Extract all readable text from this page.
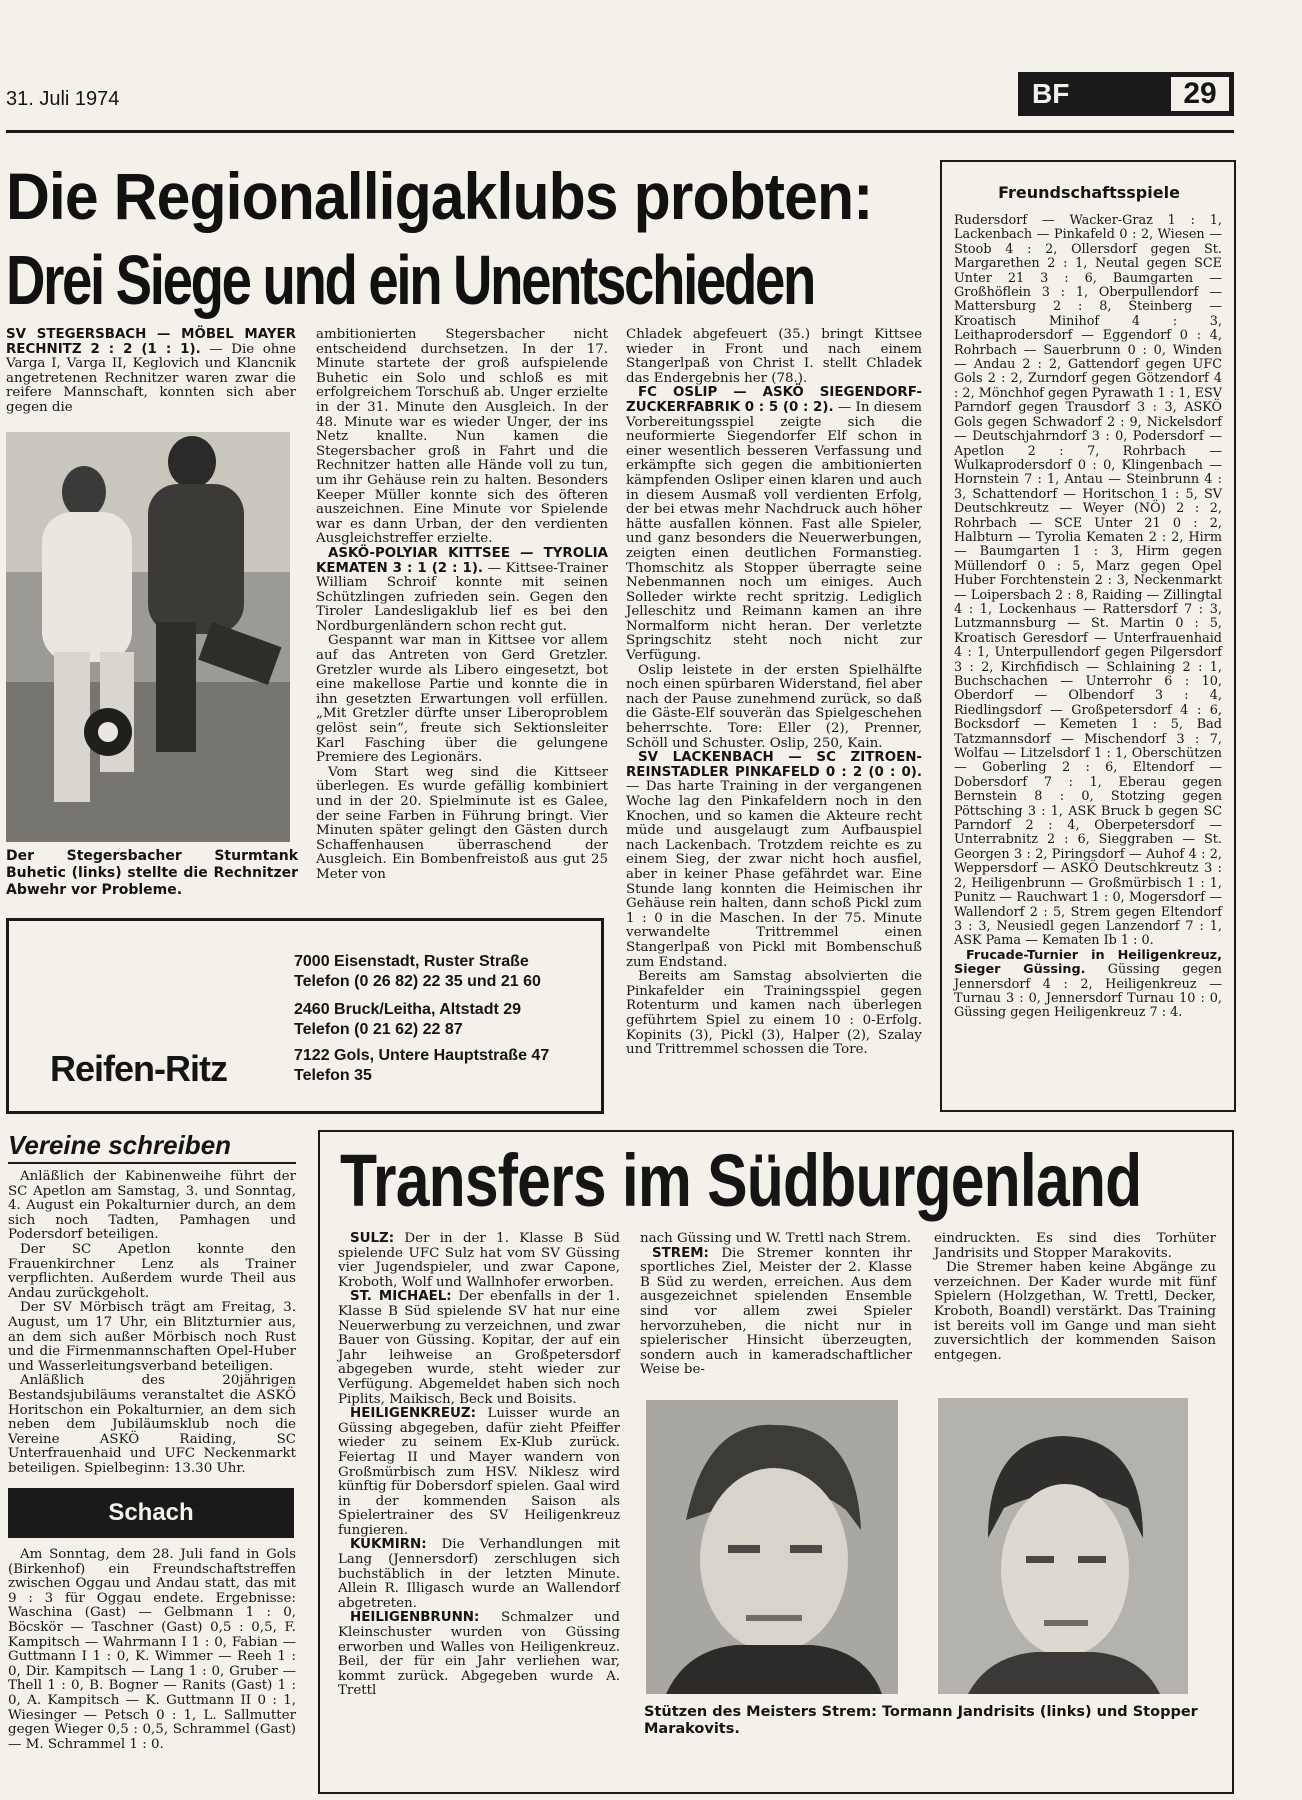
31. Juli 1974	BF	29
Die Regionalligaklubs probten:
Drei Siege und ein Unentschieden

SV STEGERSBACH — MÖBEL MAYER RECHNITZ 2 : 2 (1 : 1). — Die ohne Varga I, Varga II, Keglovich und Klancnik angetretenen Rechnitzer waren zwar die reifere Mannschaft, konnten sich aber gegen die

Der Stegersbacher Sturmtank Buhetic (links) stellte die Rechnitzer Abwehr vor Probleme.

ambitionierten Stegersbacher nicht entscheidend durchsetzen. In der 17. Minute startete der groß aufspielende Buhetic ein Solo und schloß es mit erfolgreichem Torschuß ab. Unger erzielte in der 31. Minute den Ausgleich. In der 48. Minute war es wieder Unger, der ins Netz knallte. Nun kamen die Stegersbacher groß in Fahrt und die Rechnitzer hatten alle Hände voll zu tun, um ihr Gehäuse rein zu halten. Besonders Keeper Müller konnte sich des öfteren auszeichnen. Eine Minute vor Spielende war es dann Urban, der den verdienten Ausgleichstreffer erzielte.

ASKÖ-POLYIAR KITTSEE — TYROLIA KEMATEN 3 : 1 (2 : 1). — Kittsee-Trainer William Schroif konnte mit seinen Schützlingen zufrieden sein. Gegen den Tiroler Landesligaklub lief es bei den Nordburgenländern schon recht gut.

Gespannt war man in Kittsee vor allem auf das Antreten von Gerd Gretzler. Gretzler wurde als Libero eingesetzt, bot eine makellose Partie und konnte die in ihn gesetzten Erwartungen voll erfüllen. „Mit Gretzler dürfte unser Liberoproblem gelöst sein“, freute sich Sektionsleiter Karl Fasching über die gelungene Premiere des Legionärs.

Vom Start weg sind die Kittseer überlegen. Es wurde gefällig kombiniert und in der 20. Spielminute ist es Galee, der seine Farben in Führung bringt. Vier Minuten später gelingt den Gästen durch Schaffenhausen überraschend der Ausgleich. Ein Bombenfreistoß aus gut 25 Meter von

Chladek abgefeuert (35.) bringt Kittsee wieder in Front und nach einem Stangerlpaß von Christ I. stellt Chladek das Endergebnis her (78.).

FC OSLIP — ASKÖ SIEGENDORF-ZUCKERFABRIK 0 : 5 (0 : 2). — In diesem Vorbereitungsspiel zeigte sich die neuformierte Siegendorfer Elf schon in einer wesentlich besseren Verfassung und erkämpfte sich gegen die ambitionierten kämpfenden Osliper einen klaren und auch in diesem Ausmaß voll verdienten Erfolg, der bei etwas mehr Nachdruck auch höher hätte ausfallen können. Fast alle Spieler, und ganz besonders die Neuerwerbungen, zeigten einen deutlichen Formanstieg. Thomschitz als Stopper überragte seine Nebenmannen noch um einiges. Auch Solleder wirkte recht spritzig. Lediglich Jelleschitz und Reimann kamen an ihre Normalform nicht heran. Der verletzte Springschitz steht noch nicht zur Verfügung.

Oslip leistete in der ersten Spielhälfte noch einen spürbaren Widerstand, fiel aber nach der Pause zunehmend zurück, so daß die Gäste-Elf souverän das Spielgeschehen beherrschte. Tore: Eller (2), Prenner, Schöll und Schuster. Oslip, 250, Kain.

SV LACKENBACH — SC ZITROEN-REINSTADLER PINKAFELD 0 : 2 (0 : 0). — Das harte Training in der vergangenen Woche lag den Pinkafeldern noch in den Knochen, und so kamen die Akteure recht müde und ausgelaugt zum Aufbauspiel nach Lackenbach. Trotzdem reichte es zu einem Sieg, der zwar nicht hoch ausfiel, aber in keiner Phase gefährdet war. Eine Stunde lang konnten die Heimischen ihr Gehäuse rein halten, dann schoß Pickl zum 1 : 0 in die Maschen. In der 75. Minute verwandelte Trittremmel einen Stangerlpaß von Pickl mit Bombenschuß zum Endstand.

Bereits am Samstag absolvierten die Pinkafelder ein Trainingsspiel gegen Rotenturm und kamen nach überlegen geführtem Spiel zu einem 10 : 0-Erfolg. Kopinits (3), Pickl (3), Halper (2), Szalay und Trittremmel schossen die Tore.

7000 Eisenstadt, Ruster Straße
Telefon (0 26 82) 22 35 und 21 60
2460 Bruck/Leitha, Altstadt 29
Telefon (0 21 62) 22 87
7122 Gols, Untere Hauptstraße 47
Telefon 35
Reifen-Ritz
Freundschaftsspiele

Rudersdorf — Wacker-Graz 1 : 1, Lackenbach — Pinkafeld 0 : 2, Wiesen — Stoob 4 : 2, Ollersdorf gegen St. Margarethen 2 : 1, Neutal gegen SCE Unter 21 3 : 6, Baumgarten — Großhöflein 3 : 1, Oberpullendorf — Mattersburg 2 : 8, Steinberg — Kroatisch Minihof 4 : 3, Leithaprodersdorf — Eggendorf 0 : 4, Rohrbach — Sauerbrunn 0 : 0, Winden — Andau 2 : 2, Gattendorf gegen UFC Gols 2 : 2, Zurndorf gegen Götzendorf 4 : 2, Mönchhof gegen Pyrawath 1 : 1, ESV Parndorf gegen Trausdorf 3 : 3, ASKÖ Gols gegen Schwadorf 2 : 9, Nickelsdorf — Deutschjahrndorf 3 : 0, Podersdorf — Apetlon 2 : 7, Rohrbach — Wulkaprodersdorf 0 : 0, Klingenbach — Hornstein 7 : 1, Antau — Steinbrunn 4 : 3, Schattendorf — Horitschon 1 : 5, SV Deutschkreutz — Weyer (NÖ) 2 : 2, Rohrbach — SCE Unter 21 0 : 2, Halbturn — Tyrolia Kematen 2 : 2, Hirm — Baumgarten 1 : 3, Hirm gegen Müllendorf 0 : 5, Marz gegen Opel Huber Forchtenstein 2 : 3, Neckenmarkt — Loipersbach 2 : 8, Raiding — Zillingtal 4 : 1, Lockenhaus — Rattersdorf 7 : 3, Lutzmannsburg — St. Martin 0 : 5, Kroatisch Geresdorf — Unterfrauenhaid 4 : 1, Unterpullendorf gegen Pilgersdorf 3 : 2, Kirchfidisch — Schlaining 2 : 1, Buchschachen — Unterrohr 6 : 10, Oberdorf — Olbendorf 3 : 4, Riedlingsdorf — Großpetersdorf 4 : 6, Bocksdorf — Kemeten 1 : 5, Bad Tatzmannsdorf — Mischendorf 3 : 7, Wolfau — Litzelsdorf 1 : 1, Oberschützen — Goberling 2 : 6, Eltendorf — Dobersdorf 7 : 1, Eberau gegen Bernstein 8 : 0, Stotzing gegen Pöttsching 3 : 1, ASK Bruck b gegen SC Parndorf 2 : 4, Oberpetersdorf — Unterrabnitz 2 : 6, Sieggraben — St. Georgen 3 : 2, Piringsdorf — Auhof 4 : 2, Weppersdorf — ASKÖ Deutschkreutz 3 : 2, Heiligenbrunn — Großmürbisch 1 : 1, Punitz — Rauchwart 1 : 0, Mogersdorf — Wallendorf 2 : 5, Strem gegen Eltendorf 3 : 3, Neusiedl gegen Lanzendorf 7 : 1, ASK Pama — Kematen Ib 1 : 0.

Frucade-Turnier in Heiligenkreuz, Sieger Güssing. Güssing gegen Jennersdorf 4 : 2, Heiligenkreuz — Turnau 3 : 0, Jennersdorf Turnau 10 : 0, Güssing gegen Heiligenkreuz 7 : 4.

Vereine schreiben

Anläßlich der Kabinenweihe führt der SC Apetlon am Samstag, 3. und Sonntag, 4. August ein Pokalturnier durch, an dem sich noch Tadten, Pamhagen und Podersdorf beteiligen.

Der SC Apetlon konnte den Frauenkirchner Lenz als Trainer verpflichten. Außerdem wurde Theil aus Andau zurückgeholt.

Der SV Mörbisch trägt am Freitag, 3. August, um 17 Uhr, ein Blitzturnier aus, an dem sich außer Mörbisch noch Rust und die Firmenmannschaften Opel-Huber und Wasserleitungsverband beteiligen.

Anläßlich des 20jährigen Bestandsjubiläums veranstaltet die ASKÖ Horitschon ein Pokalturnier, an dem sich neben dem Jubiläumsklub noch die Vereine ASKÖ Raiding, SC Unterfrauenhaid und UFC Neckenmarkt beteiligen. Spielbeginn: 13.30 Uhr.

Schach

Am Sonntag, dem 28. Juli fand in Gols (Birkenhof) ein Freundschaftstreffen zwischen Oggau und Andau statt, das mit 9 : 3 für Oggau endete. Ergebnisse: Waschina (Gast) — Gelbmann 1 : 0, Böcskör — Taschner (Gast) 0,5 : 0,5, F. Kampitsch — Wahrmann I 1 : 0, Fabian — Guttmann I 1 : 0, K. Wimmer — Reeh 1 : 0, Dir. Kampitsch — Lang 1 : 0, Gruber — Thell 1 : 0, B. Bogner — Ranits (Gast) 1 : 0, A. Kampitsch — K. Guttmann II 0 : 1, Wiesinger — Petsch 0 : 1, L. Sallmutter gegen Wieger 0,5 : 0,5, Schrammel (Gast) — M. Schrammel 1 : 0.

Transfers im Südburgenland

SULZ: Der in der 1. Klasse B Süd spielende UFC Sulz hat vom SV Güssing vier Jugendspieler, und zwar Capone, Kroboth, Wolf und Wallnhofer erworben.

ST. MICHAEL: Der ebenfalls in der 1. Klasse B Süd spielende SV hat nur eine Neuerwerbung zu verzeichnen, und zwar Bauer von Güssing. Kopitar, der auf ein Jahr leihweise an Großpetersdorf abgegeben wurde, steht wieder zur Verfügung. Abgemeldet haben sich noch Piplits, Maikisch, Beck und Boisits.

HEILIGENKREUZ: Luisser wurde an Güssing abgegeben, dafür zieht Pfeiffer wieder zu seinem Ex-Klub zurück. Feiertag II und Mayer wandern von Großmürbisch zum HSV. Niklesz wird künftig für Dobersdorf spielen. Gaal wird in der kommenden Saison als Spielertrainer des SV Heiligenkreuz fungieren.

KUKMIRN: Die Verhandlungen mit Lang (Jennersdorf) zerschlugen sich buchstäblich in der letzten Minute. Allein R. Illigasch wurde an Wallendorf abgetreten.

HEILIGENBRUNN: Schmalzer und Kleinschuster wurden von Güssing erworben und Walles von Heiligenkreuz. Beil, der für ein Jahr verliehen war, kommt zurück. Abgegeben wurde A. Trettl

nach Güssing und W. Trettl nach Strem.

STREM: Die Stremer konnten ihr sportliches Ziel, Meister der 2. Klasse B Süd zu werden, erreichen. Aus dem ausgezeichnet spielenden Ensemble sind vor allem zwei Spieler hervorzuheben, die nicht nur in spielerischer Hinsicht überzeugten, sondern auch in kameradschaftlicher Weise be-

eindruckten. Es sind dies Torhüter Jandrisits und Stopper Marakovits.

Die Stremer haben keine Abgänge zu verzeichnen. Der Kader wurde mit fünf Spielern (Holzgethan, W. Trettl, Decker, Kroboth, Boandl) verstärkt. Das Training ist bereits voll im Gange und man sieht zuversichtlich der kommenden Saison entgegen.

Stützen des Meisters Strem: Tormann Jandrisits (links) und Stopper Marakovits.
